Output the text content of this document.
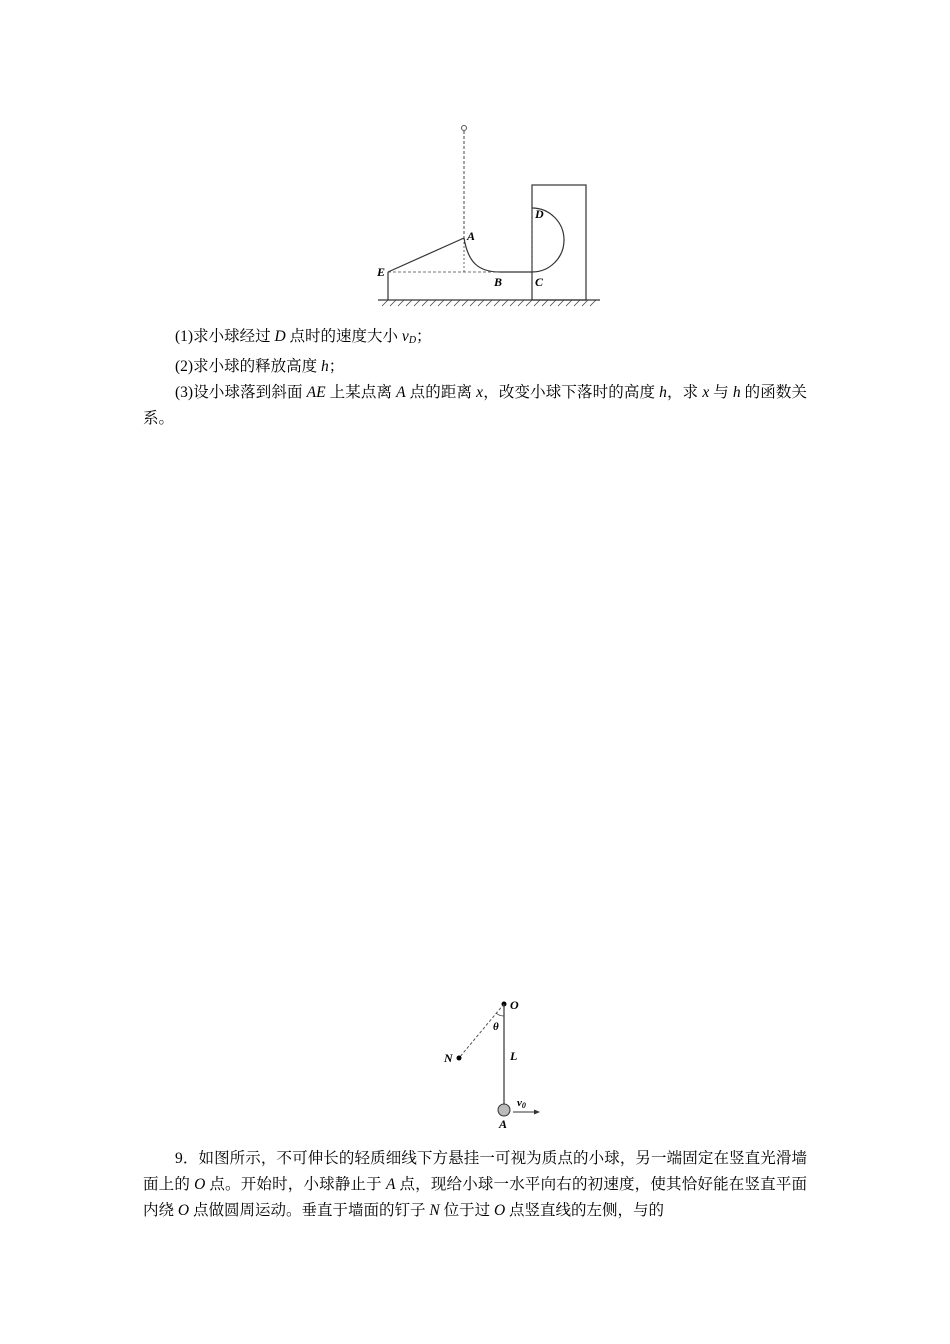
A
E
B	C
D

(1)求小球经过 D 点时的速度大小 $v_D$；

(2)求小球的释放高度 h；

(3)设小球落到斜面 AE 上某点离 A 点的距离 x，改变小球下落时的高度 h，求 x 与 h 的函数关系。

O
θ
N	L
v0
A

9．如图所示，不可伸长的轻质细线下方悬挂一可视为质点的小球，另一端固定在竖直光滑墙面上的 O 点。开始时，小球静止于 A 点，现给小球一水平向右的初速度，使其恰好能在竖直平面内绕 O 点做圆周运动。垂直于墙面的钉子 N 位于过 O 点竖直线的左侧，与的
